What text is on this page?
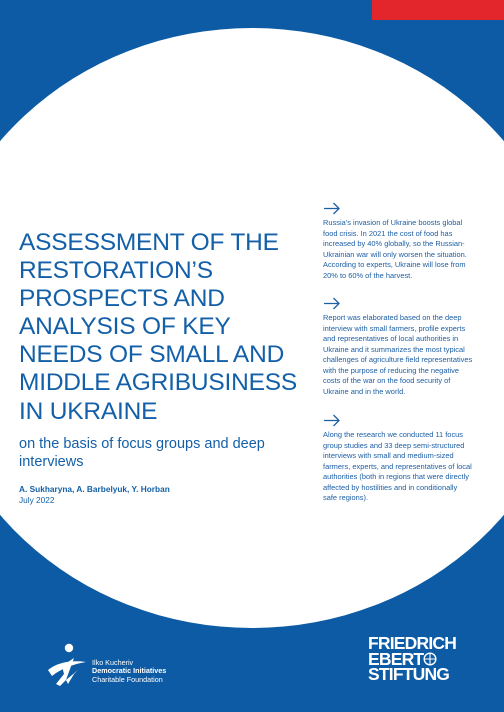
ASSESSMENT OF THE
RESTORATION’S
PROSPECTS AND
ANALYSIS OF KEY
NEEDS OF SMALL AND
MIDDLE AGRIBUSINESS
IN UKRAINE

on the basis of focus groups and deep
interviews

A. Sukharyna, A. Barbelyuk, Y. Horban

July 2022

Russia’s invasion of Ukraine boosts global
food crisis. In 2021 the cost of food has
increased by 40% globally, so the Russian-
Ukrainian war will only worsen the situation.
According to experts, Ukraine will lose from
20% to 60% of the harvest.

Report was elaborated based on the deep
interview with small farmers, profile experts
and representatives of local authorities in
Ukraine and it summarizes the most typical
challenges of agriculture field representatives
with the purpose of reducing the negative
costs of the war on the food security of
Ukraine and in the world.

Along the research we conducted 11 focus
group studies and 33 deep semi-structured
interviews with small and medium-sized
farmers, experts, and representatives of local
authorities (both in regions that were directly
affected by hostilities and in conditionally
safe regions).

Ilko Kucheriv
Democratic Initiatives
Charitable Foundation
FRIEDRICH
EBERT
STIFTUNG
